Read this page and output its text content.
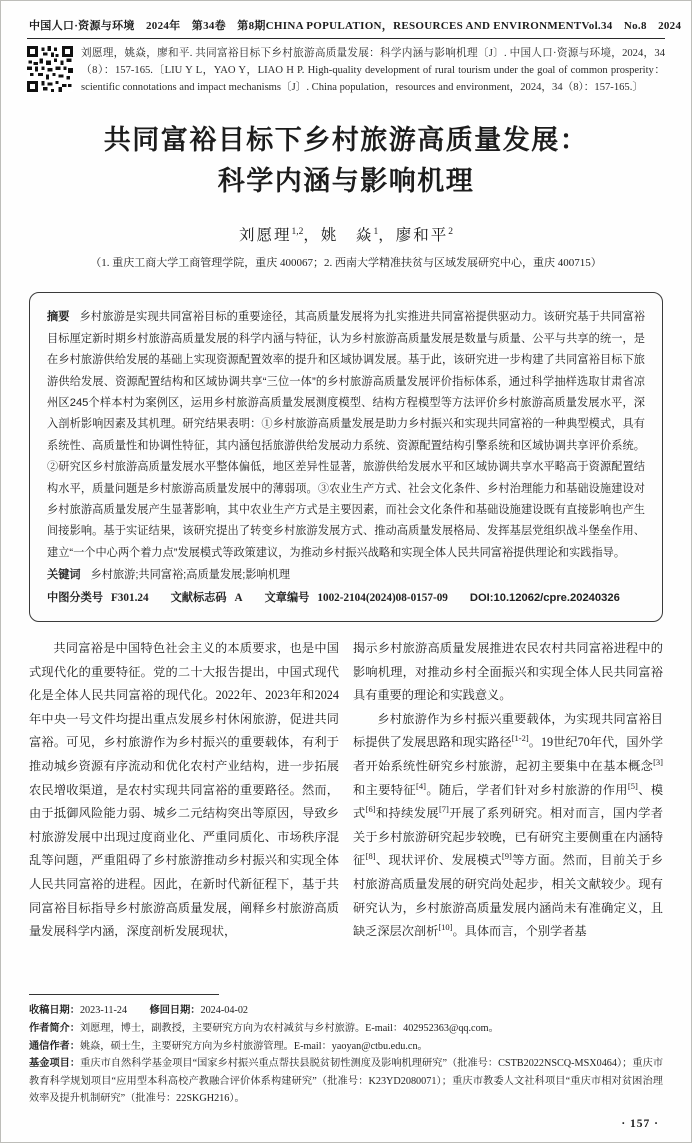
中国人口·资源与环境　2024年　第34卷　第8期 CHINA POPULATION，RESOURCES AND ENVIRONMENT Vol.34　No.8　2024
刘愿理，姚焱，廖和平. 共同富裕目标下乡村旅游高质量发展：科学内涵与影响机理〔J〕. 中国人口·资源与环境，2024，34（8）：157-165.〔LIU Y L，YAO Y，LIAO H P. High-quality development of rural tourism under the goal of common prosperity：scientific connotations and impact mechanisms〔J〕. China population，resources and environment，2024，34（8）：157-165.〕
共同富裕目标下乡村旅游高质量发展：
科学内涵与影响机理
刘愿理$^{1,2}$，姚　焱$^1$，廖和平$^2$
（1. 重庆工商大学工商管理学院，重庆 400067；2. 西南大学精准扶贫与区域发展研究中心，重庆 400715）
摘要 乡村旅游是实现共同富裕目标的重要途径，其高质量发展将为扎实推进共同富裕提供驱动力。该研究基于共同富裕目标厘定新时期乡村旅游高质量发展的科学内涵与特征，认为乡村旅游高质量发展是数量与质量、公平与共享的统一，是在乡村旅游供给发展的基础上实现资源配置效率的提升和区域协调发展。基于此，该研究进一步构建了共同富裕目标下旅游供给发展、资源配置结构和区域协调共享“三位一体”的乡村旅游高质量发展评价指标体系，通过科学抽样选取甘肃省凉州区245个样本村为案例区，运用乡村旅游高质量发展测度模型、结构方程模型等方法评价乡村旅游高质量发展水平，深入剖析影响因素及其机理。研究结果表明：①乡村旅游高质量发展是助力乡村振兴和实现共同富裕的一种典型模式，具有系统性、高质量性和协调性特征，其内涵包括旅游供给发展动力系统、资源配置结构引擎系统和区域协调共享评价系统。②研究区乡村旅游高质量发展水平整体偏低，地区差异性显著，旅游供给发展水平和区域协调共享水平略高于资源配置结构水平，质量问题是乡村旅游高质量发展中的薄弱项。③农业生产方式、社会文化条件、乡村治理能力和基础设施建设对乡村旅游高质量发展产生显著影响，其中农业生产方式是主要因素，而社会文化条件和基础设施建设既有直接影响也产生间接影响。基于实证结果，该研究提出了转变乡村旅游发展方式、推动高质量发展格局、发挥基层党组织战斗堡垒作用、建立“一个中心两个着力点”发展模式等政策建议，为推动乡村振兴战略和实现全体人民共同富裕提供理论和实践指导。
关键词 乡村旅游;共同富裕;高质量发展;影响机理
中图分类号 F301.24 文献标志码 A 文章编号 1002-2104(2024)08-0157-09 DOI:10.12062/cpre.20240326

共同富裕是中国特色社会主义的本质要求，也是中国式现代化的重要特征。党的二十大报告提出，中国式现代化是全体人民共同富裕的现代化。2022年、2023年和2024年中央一号文件均提出重点发展乡村休闲旅游，促进共同富裕。可见，乡村旅游作为乡村振兴的重要载体，有利于推动城乡资源有序流动和优化农村产业结构，进一步拓展农民增收渠道，是农村实现共同富裕的重要路径。然而，由于抵御风险能力弱、城乡二元结构突出等原因，导致乡村旅游发展中出现过度商业化、严重同质化、市场秩序混乱等问题，严重阻碍了乡村旅游推动乡村振兴和实现全体人民共同富裕的进程。因此，在新时代新征程下，基于共同富裕目标指导乡村旅游高质量发展，阐释乡村旅游高质量发展科学内涵，深度剖析发展现状，

揭示乡村旅游高质量发展推进农民农村共同富裕进程中的影响机理，对推动乡村全面振兴和实现全体人民共同富裕具有重要的理论和实践意义。

乡村旅游作为乡村振兴重要载体，为实现共同富裕目标提供了发展思路和现实路径[1-2]。19世纪70年代，国外学者开始系统性研究乡村旅游，起初主要集中在基本概念[3]和主要特征[4]。随后，学者们针对乡村旅游的作用[5]、模式[6]和持续发展[7]开展了系列研究。相对而言，国内学者关于乡村旅游研究起步较晚，已有研究主要侧重在内涵特征[8]、现状评价、发展模式[9]等方面。然而，目前关于乡村旅游高质量发展的研究尚处起步，相关文献较少。现有研究认为，乡村旅游高质量发展内涵尚未有准确定义，且缺乏深层次剖析[10]。具体而言，个别学者基

收稿日期：2023-11-24 修回日期：2024-04-02
作者简介：刘愿理，博士，副教授，主要研究方向为农村减贫与乡村旅游。E-mail：402952363@qq.com。
通信作者：姚焱，硕士生，主要研究方向为乡村旅游管理。E-mail：yaoyan@ctbu.edu.cn。
基金项目：重庆市自然科学基金项目“国家乡村振兴重点帮扶县脱贫韧性测度及影响机理研究”（批准号：CSTB2022NSCQ-MSX0464）；重庆市教育科学规划项目“应用型本科高校产教融合评价体系构建研究”（批准号：K23YD2080071）；重庆市教委人文社科项目“重庆市相对贫困治理效率及提升机制研究”（批准号：22SKGH216）。
· 157 ·
